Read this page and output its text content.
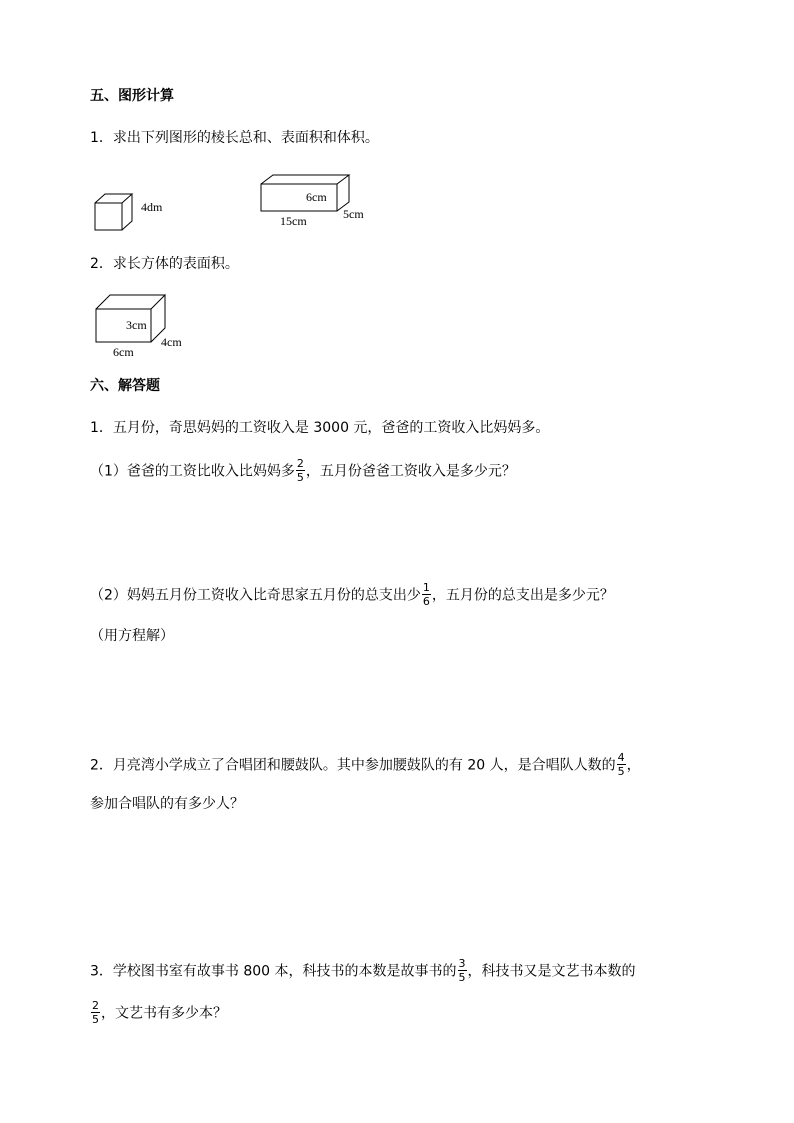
五、图形计算
1．求出下列图形的棱长总和、表面积和体积。
4dm
6cm
15cm	5cm
2．求长方体的表面积。
3cm
6cm
4cm
六、解答题
1．五月份，奇思妈妈的工资收入是 3000 元，爸爸的工资收入比妈妈多。
（1）爸爸的工资比收入比妈妈多 $\frac{2}{5}$ ，五月份爸爸工资收入是多少元？
（2）妈妈五月份工资收入比奇思家五月份的总支出少 $\frac{1}{6}$ ，五月份的总支出是多少元？
（用方程解）
2．月亮湾小学成立了合唱团和腰鼓队。其中参加腰鼓队的有 20 人，是合唱队人数的 $\frac{4}{5}$ ，
参加合唱队的有多少人？
3．学校图书室有故事书 800 本，科技书的本数是故事书的 $\frac{3}{5}$ ，科技书又是文艺书本数的
$\frac{2}{5}$ ，文艺书有多少本？
